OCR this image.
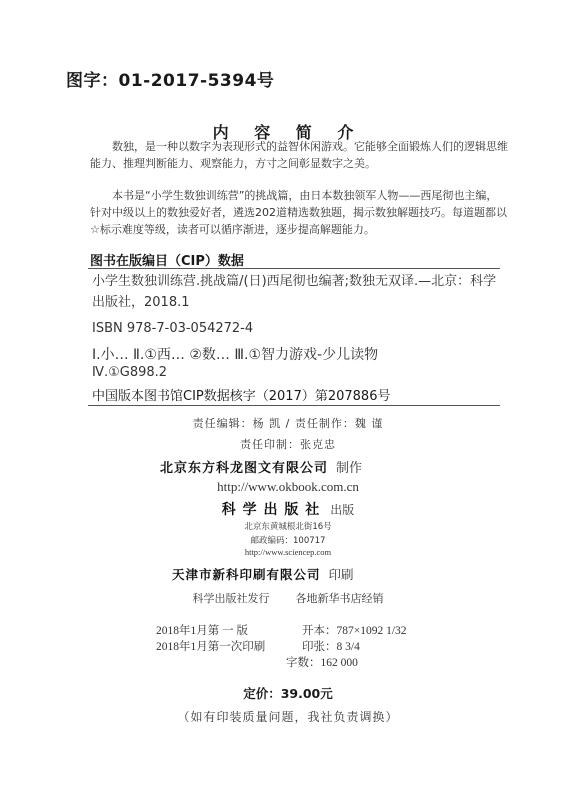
图字：01-2017-5394号
内 容 简 介
数独，是一种以数字为表现形式的益智休闲游戏。它能够全面锻炼人们的逻辑思维能力、推理判断能力、观察能力，方寸之间彰显数字之美。
本书是“小学生数独训练营”的挑战篇，由日本数独领军人物——西尾彻也主编，针对中级以上的数独爱好者，遴选202道精选数独题，揭示数独解题技巧。每道题都以☆标示难度等级，读者可以循序渐进，逐步提高解题能力。
图书在版编目（CIP）数据
小学生数独训练营.挑战篇/(日)西尾彻也编著;数独无双译.—北京：科学出版社，2018.1
ISBN 978-7-03-054272-4
Ⅰ.小… Ⅱ.①西… ②数… Ⅲ.①智力游戏-少儿读物
Ⅳ.①G898.2
中国版本图书馆CIP数据核字（2017）第207886号
责任编辑：杨 凯 / 责任制作：魏 谨
责任印制：张克忠
北京东方科龙图文有限公司 制作
http://www.okbook.com.cn
科 学 出 版 社 出版
北京东黄城根北街16号
邮政编码：100717
http://www.sciencep.com
天津市新科印刷有限公司 印刷
科学出版社发行 各地新华书店经销
2018年1月第 一 版	开本：787×1092 1/32
2018年1月第一次印刷	印张：8 3/4
字数：162 000
定价：39.00元
（如有印装质量问题，我社负责调换）
